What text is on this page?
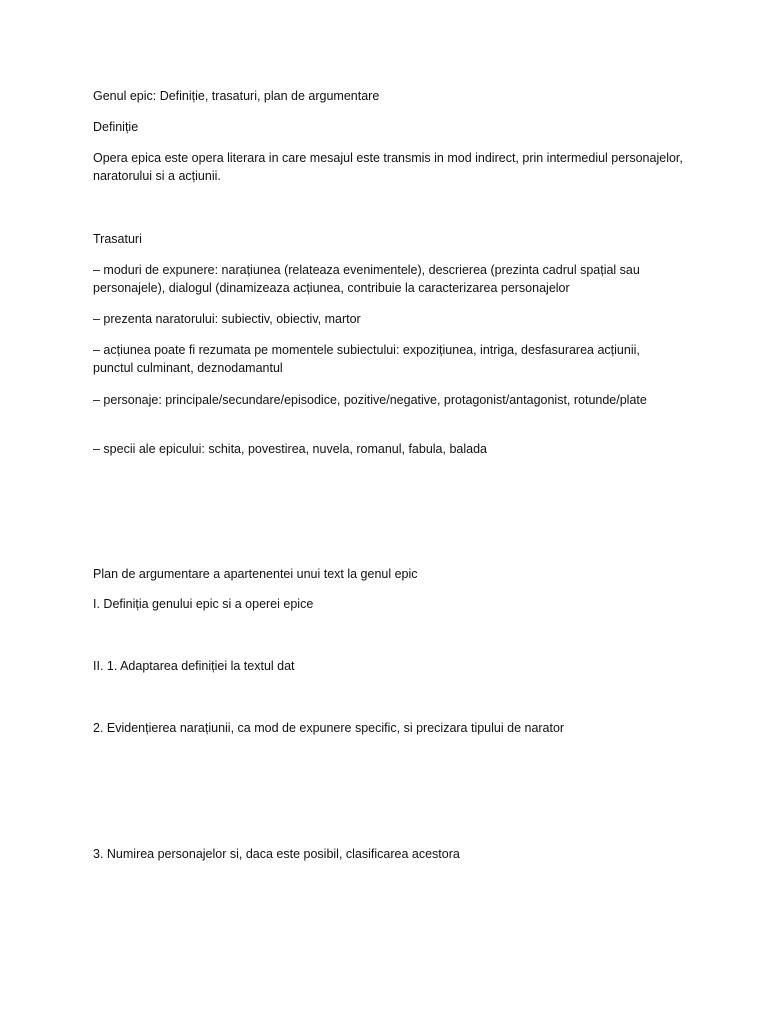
Genul epic: Definiție, trasaturi, plan de argumentare

Definiție

Opera epica este opera literara in care mesajul este transmis in mod indirect, prin intermediul personajelor, naratorului si a acțiunii.

Trasaturi

– moduri de expunere: narațiunea (relateaza evenimentele), descrierea (prezinta cadrul spațial sau personajele), dialogul (dinamizeaza acțiunea, contribuie la caracterizarea personajelor

– prezenta naratorului: subiectiv, obiectiv, martor

– acțiunea poate fi rezumata pe momentele subiectului: expozițiunea, intriga, desfasurarea acțiunii, punctul culminant, deznodamantul

– personaje: principale/secundare/episodice, pozitive/negative, protagonist/antagonist, rotunde/plate

– specii ale epicului: schita, povestirea, nuvela, romanul, fabula, balada

Plan de argumentare a apartenentei unui text la genul epic

I. Definiția genului epic si a operei epice

II. 1. Adaptarea definiției la textul dat

2. Evidențierea narațiunii, ca mod de expunere specific, si precizara tipului de narator

3. Numirea personajelor si, daca este posibil, clasificarea acestora
